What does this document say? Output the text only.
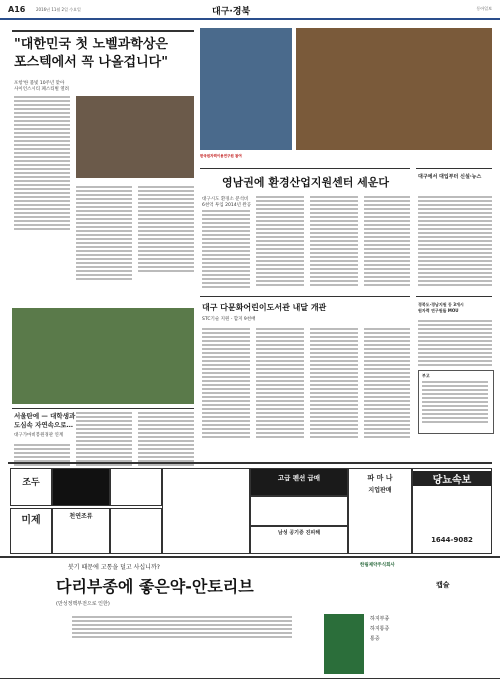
A16	2016년 11월 2일 수요일	대구·경북	동아일보
"대한민국 첫 노벨과학상은
포스텍에서 꼭 나올겁니다"
포항'한 불빛 10주년 맞아
사이언스시티 폐스티벌 열려
한국원자력이용연구원 참여
영남권에 환경산업지원센터 세운다
대구시도 환경소 분석비
6천억 투입 2014년 완공
대구에서 대입부터 신설·뉴스
대구 다문화어린이도서관 내달 개관
STC기술 지원 - 합지 9천배
경북도·경남지원 등 3개시
원자력 연구원들 MOU
부고
서울탄에 — 대학생과
도심속 자연속으로…
대구가마비봉원경관 연계
조두
미제	천연조류
고급 펜션 급매
남성 공기증 진피해
파 마 나
지업판매
당뇨속보
1644-9082
붓기 때문에 고통을 덜고 사십니까?	한림제약주식회사
다리부종에 좋은약-안토리브	캡슐
(만성정맥부전으로 인한)
하지부종
하지통증
통증
